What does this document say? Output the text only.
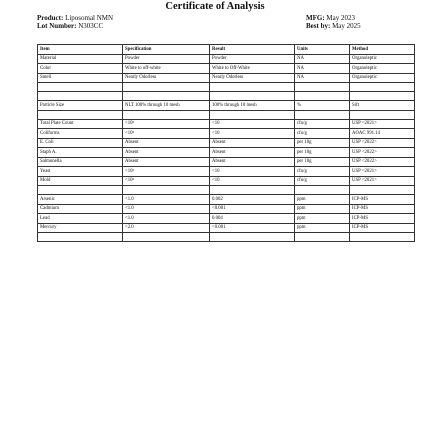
Certificate of Analysis
Product: Liposomal NMN
Lot Number: N303CC
MFG: May 2023
Best by: May 2025
Item	Specification	Result	Units	Method
Material	Powder	Powder	NA	Organoleptic
Color	White to off-white	White to Off-White	NA	Organoleptic
Smell	Nearly Odorless	Nearly Odorless	NA	Organoleptic

Particle Size	NLT 100% through 10 mesh	100% through 10 mesh	%	Sift

Total Plate Count	<10³	<10	cfu/g	USP <2021>
Coliforms	<10²	<10	cfu/g	AOAC 991.14
E. Coli	Absent	Absent	per 10g	USP <2022>
Staph A.	Absent	Absent	per 10g	USP <2022>
Salmonella	Absent	Absent	per 10g	USP <2022>
Yeast	<10²	<10	cfu/g	USP <2021>
Mold	<10²	<10	cfu/g	USP <2021>

Arsenic	<1.0	0.002	ppm	ICP-MS
Cadmium	<1.0	<0.001	ppm	ICP-MS
Lead	<1.0	0.004	ppm	ICP-MS
Mercury	<2.0	<0.001	ppm	ICP-MS
